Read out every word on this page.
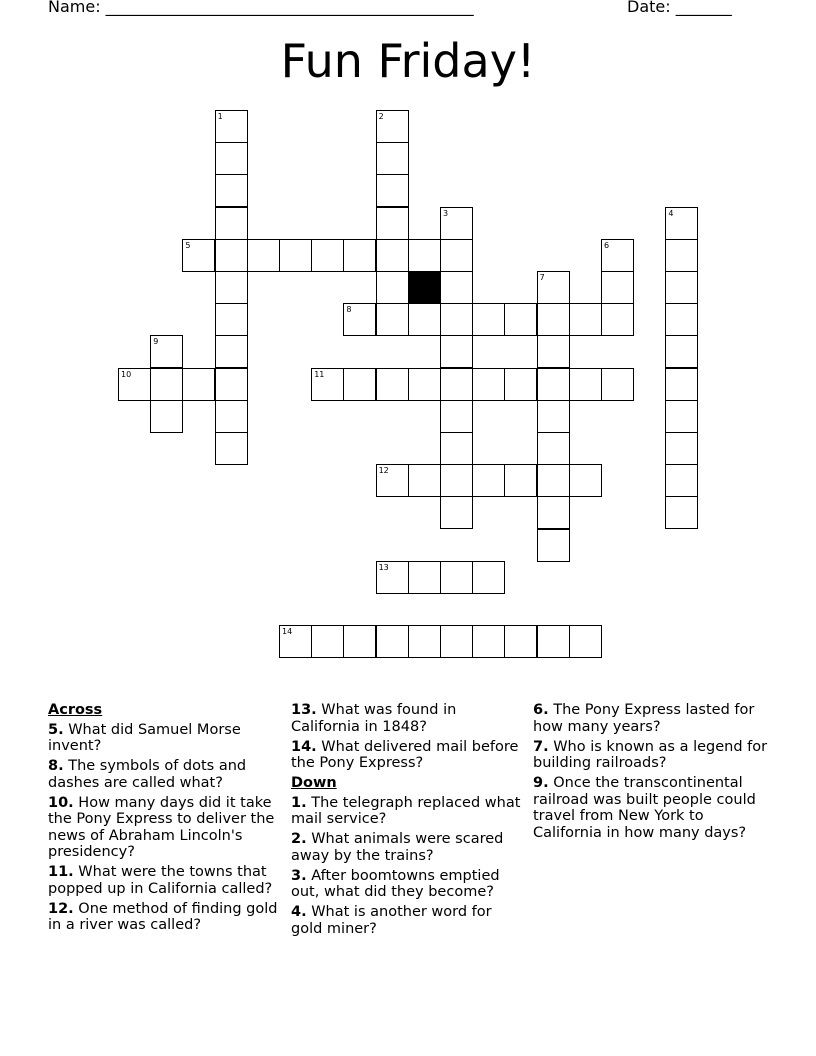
Name: ______________________________________________	Date: _______
Fun Friday!
1	2
3	4
5	6
7
8
9
10	11
12
13
14
Across
5. What did Samuel Morse invent?
8. The symbols of dots and dashes are called what?
10. How many days did it take the Pony Express to deliver the news of Abraham Lincoln's presidency?
11. What were the towns that popped up in California called?
12. One method of finding gold in a river was called?
13. What was found in California in 1848?
14. What delivered mail before the Pony Express?
Down
1. The telegraph replaced what mail service?
2. What animals were scared away by the trains?
3. After boomtowns emptied out, what did they become?
4. What is another word for gold miner?
6. The Pony Express lasted for how many years?
7. Who is known as a legend for building railroads?
9. Once the transcontinental railroad was built people could travel from New York to California in how many days?
